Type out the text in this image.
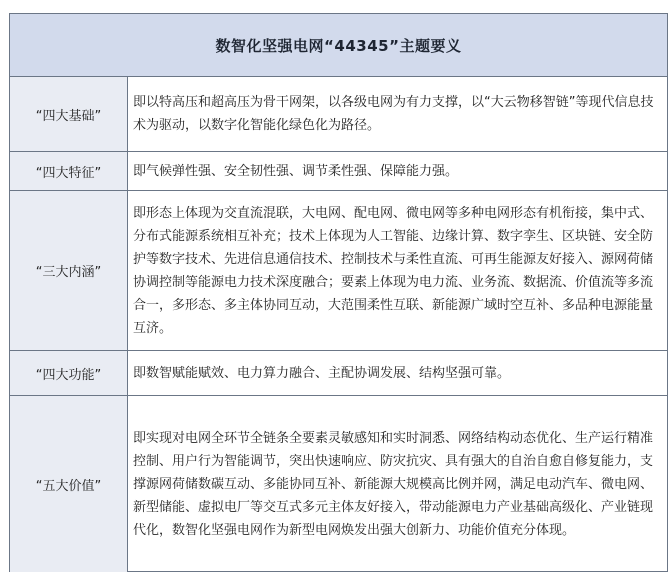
数智化坚强电网“44345”主题要义
“四大基础”
即以特高压和超高压为骨干网架，以各级电网为有力支撑，以“大云物移智链”等现代信息技术为驱动，以数字化智能化绿色化为路径。
“四大特征”	即气候弹性强、安全韧性强、调节柔性强、保障能力强。
“三大内涵”
即形态上体现为交直流混联，大电网、配电网、微电网等多种电网形态有机衔接，集中式、分布式能源系统相互补充；技术上体现为人工智能、边缘计算、数字孪生、区块链、安全防护等数字技术、先进信息通信技术、控制技术与柔性直流、可再生能源友好接入、源网荷储协调控制等能源电力技术深度融合；要素上体现为电力流、业务流、数据流、价值流等多流合一，多形态、多主体协同互动，大范围柔性互联、新能源广域时空互补、多品种电源能量互济。
“四大功能”	即数智赋能赋效、电力算力融合、主配协调发展、结构坚强可靠。
“五大价值”
即实现对电网全环节全链条全要素灵敏感知和实时洞悉、网络结构动态优化、生产运行精准控制、用户行为智能调节，突出快速响应、防灾抗灾、具有强大的自治自愈自修复能力，支撑源网荷储数碳互动、多能协同互补、新能源大规模高比例并网，满足电动汽车、微电网、新型储能、虚拟电厂等交互式多元主体友好接入，带动能源电力产业基础高级化、产业链现代化，数智化坚强电网作为新型电网焕发出强大创新力、功能价值充分体现。
